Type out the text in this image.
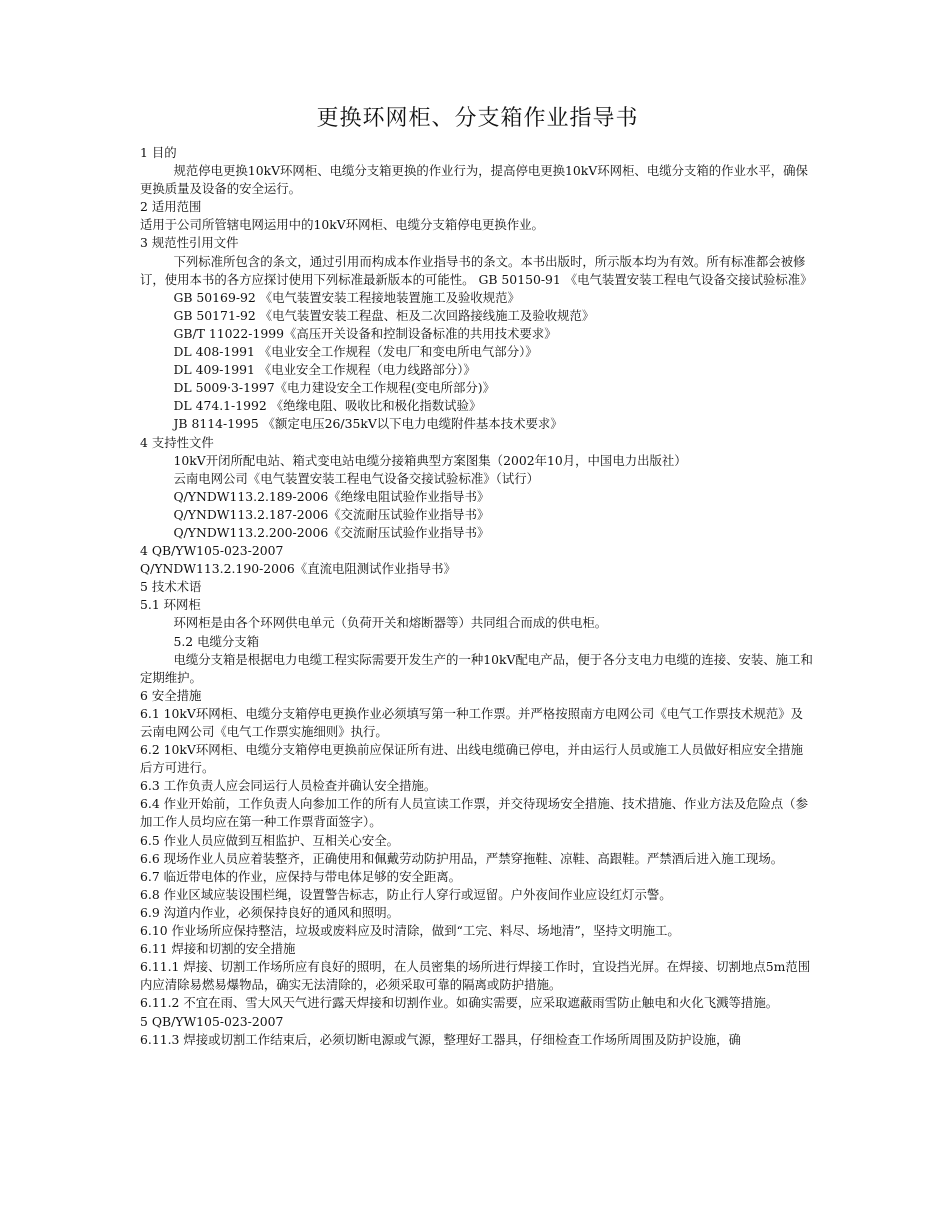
更换环网柜、分支箱作业指导书

1 目的

规范停电更换10kV环网柜、电缆分支箱更换的作业行为，提高停电更换10kV环网柜、电缆分支箱的作业水平，确保更换质量及设备的安全运行。

2 适用范围

适用于公司所管辖电网运用中的10kV环网柜、电缆分支箱停电更换作业。

3 规范性引用文件

下列标准所包含的条文，通过引用而构成本作业指导书的条文。本书出版时，所示版本均为有效。所有标准都会被修订，使用本书的各方应探讨使用下列标准最新版本的可能性。 GB 50150-91 《电气装置安装工程电气设备交接试验标准》

GB 50169-92 《电气装置安装工程接地装置施工及验收规范》

GB 50171-92 《电气装置安装工程盘、柜及二次回路接线施工及验收规范》

GB/T 11022-1999《高压开关设备和控制设备标准的共用技术要求》

DL 408-1991 《电业安全工作规程（发电厂和变电所电气部分）》

DL 409-1991 《电业安全工作规程（电力线路部分）》

DL 5009·3-1997《电力建设安全工作规程(变电所部分)》

DL 474.1-1992 《绝缘电阻、吸收比和极化指数试验》

JB 8114-1995 《额定电压26/35kV以下电力电缆附件基本技术要求》

4 支持性文件

10kV开闭所配电站、箱式变电站电缆分接箱典型方案图集（2002年10月，中国电力出版社）

云南电网公司《电气装置安装工程电气设备交接试验标准》（试行）

Q/YNDW113.2.189-2006《绝缘电阻试验作业指导书》

Q/YNDW113.2.187-2006《交流耐压试验作业指导书》

Q/YNDW113.2.200-2006《交流耐压试验作业指导书》

4 QB/YW105-023-2007

Q/YNDW113.2.190-2006《直流电阻测试作业指导书》

5 技术术语

5.1 环网柜

环网柜是由各个环网供电单元（负荷开关和熔断器等）共同组合而成的供电柜。

5.2 电缆分支箱

电缆分支箱是根据电力电缆工程实际需要开发生产的一种10kV配电产品，便于各分支电力电缆的连接、安装、施工和定期维护。

6 安全措施

6.1 10kV环网柜、电缆分支箱停电更换作业必须填写第一种工作票。并严格按照南方电网公司《电气工作票技术规范》及云南电网公司《电气工作票实施细则》执行。

6.2 10kV环网柜、电缆分支箱停电更换前应保证所有进、出线电缆确已停电，并由运行人员或施工人员做好相应安全措施后方可进行。

6.3 工作负责人应会同运行人员检查并确认安全措施。

6.4 作业开始前，工作负责人向参加工作的所有人员宣读工作票，并交待现场安全措施、技术措施、作业方法及危险点（参加工作人员均应在第一种工作票背面签字）。

6.5 作业人员应做到互相监护、互相关心安全。

6.6 现场作业人员应着装整齐，正确使用和佩戴劳动防护用品，严禁穿拖鞋、凉鞋、高跟鞋。严禁酒后进入施工现场。

6.7 临近带电体的作业，应保持与带电体足够的安全距离。

6.8 作业区域应装设围栏绳，设置警告标志，防止行人穿行或逗留。户外夜间作业应设红灯示警。

6.9 沟道内作业，必须保持良好的通风和照明。

6.10 作业场所应保持整洁，垃圾或废料应及时清除，做到“工完、料尽、场地清”，坚持文明施工。

6.11 焊接和切割的安全措施

6.11.1 焊接、切割工作场所应有良好的照明，在人员密集的场所进行焊接工作时，宜设挡光屏。在焊接、切割地点5m范围内应清除易燃易爆物品，确实无法清除的，必须采取可靠的隔离或防护措施。

6.11.2 不宜在雨、雪大风天气进行露天焊接和切割作业。如确实需要，应采取遮蔽雨雪防止触电和火化飞溅等措施。

5 QB/YW105-023-2007

6.11.3 焊接或切割工作结束后，必须切断电源或气源，整理好工器具，仔细检查工作场所周围及防护设施，确
